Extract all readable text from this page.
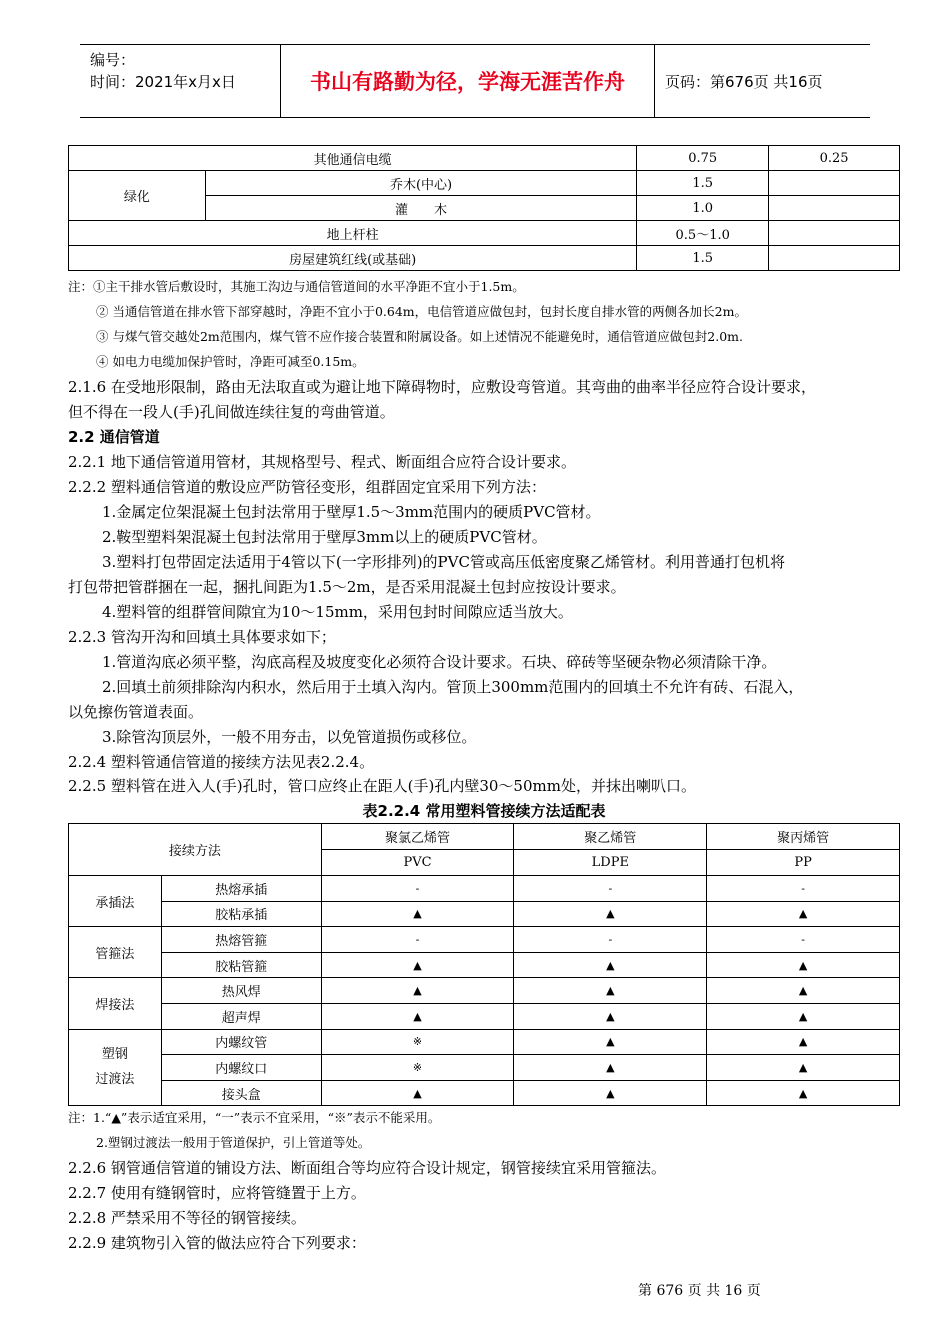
编号：
时间：2021年x月x日	书山有路勤为径，学海无涯苦作舟	页码：第676页 共16页
其他通信电缆		0.75	0.25
绿化	乔木(中心)	1.5	
	灌　　木	1.0	
地上杆柱		0.5～1.0	
房屋建筑红线(或基础)		1.5	
注：①主干排水管后敷设时，其施工沟边与通信管道间的水平净距不宜小于1.5m。
② 当通信管道在排水管下部穿越时，净距不宜小于0.64m，电信管道应做包封，包封长度自排水管的两侧各加长2m。
③ 与煤气管交越处2m范围内，煤气管不应作接合装置和附属设备。如上述情况不能避免时，通信管道应做包封2.0m.
④ 如电力电缆加保护管时，净距可减至0.15m。
2.1.6 在受地形限制，路由无法取直或为避让地下障碍物时，应敷设弯管道。其弯曲的曲率半径应符合设计要求，
但不得在一段人(手)孔间做连续往复的弯曲管道。
2.2 通信管道
2.2.1 地下通信管道用管材，其规格型号、程式、断面组合应符合设计要求。
2.2.2 塑料通信管道的敷设应严防管径变形，组群固定宜采用下列方法：
1.金属定位架混凝土包封法常用于壁厚1.5～3mm范围内的硬质PVC管材。
2.鞍型塑料架混凝土包封法常用于壁厚3mm以上的硬质PVC管材。
3.塑料打包带固定法适用于4管以下(一字形排列)的PVC管或高压低密度聚乙烯管材。利用普通打包机将
打包带把管群捆在一起，捆扎间距为1.5～2m，是否采用混凝土包封应按设计要求。
4.塑料管的组群管间隙宜为10～15mm，采用包封时间隙应适当放大。
2.2.3 管沟开沟和回填土具体要求如下；
1.管道沟底必须平整，沟底高程及坡度变化必须符合设计要求。石块、碎砖等坚硬杂物必须清除干净。
2.回填土前须排除沟内积水，然后用于土填入沟内。管顶上300mm范围内的回填土不允许有砖、石混入，
以免擦伤管道表面。
3.除管沟顶层外，一般不用夯击，以免管道损伤或移位。
2.2.4 塑料管通信管道的接续方法见表2.2.4。
2.2.5 塑料管在进入人(手)孔时，管口应终止在距人(手)孔内壁30～50mm处，并抹出喇叭口。
表2.2.4 常用塑料管接续方法适配表
接续方法		聚氯乙烯管	聚乙烯管	聚丙烯管
		PVC	LDPE	PP
承插法	热熔承插	-	-	-
	胶粘承插	▲	▲	▲
管箍法	热熔管箍	-	-	-
	胶粘管箍	▲	▲	▲
焊接法	热风焊	▲	▲	▲
	超声焊	▲	▲	▲

塑钢
过渡法	内螺纹管	※	▲	▲
	内螺纹口	※	▲	▲
	接头盒	▲	▲	▲
注：1.“▲”表示适宜采用，“一”表示不宜采用，“※”表示不能采用。
2.塑钢过渡法一般用于管道保护，引上管道等处。
2.2.6 钢管通信管道的铺设方法、断面组合等均应符合设计规定，钢管接续宜采用管箍法。
2.2.7 使用有缝钢管时，应将管缝置于上方。
2.2.8 严禁采用不等径的钢管接续。
2.2.9 建筑物引入管的做法应符合下列要求：
第 676 页 共 16 页
